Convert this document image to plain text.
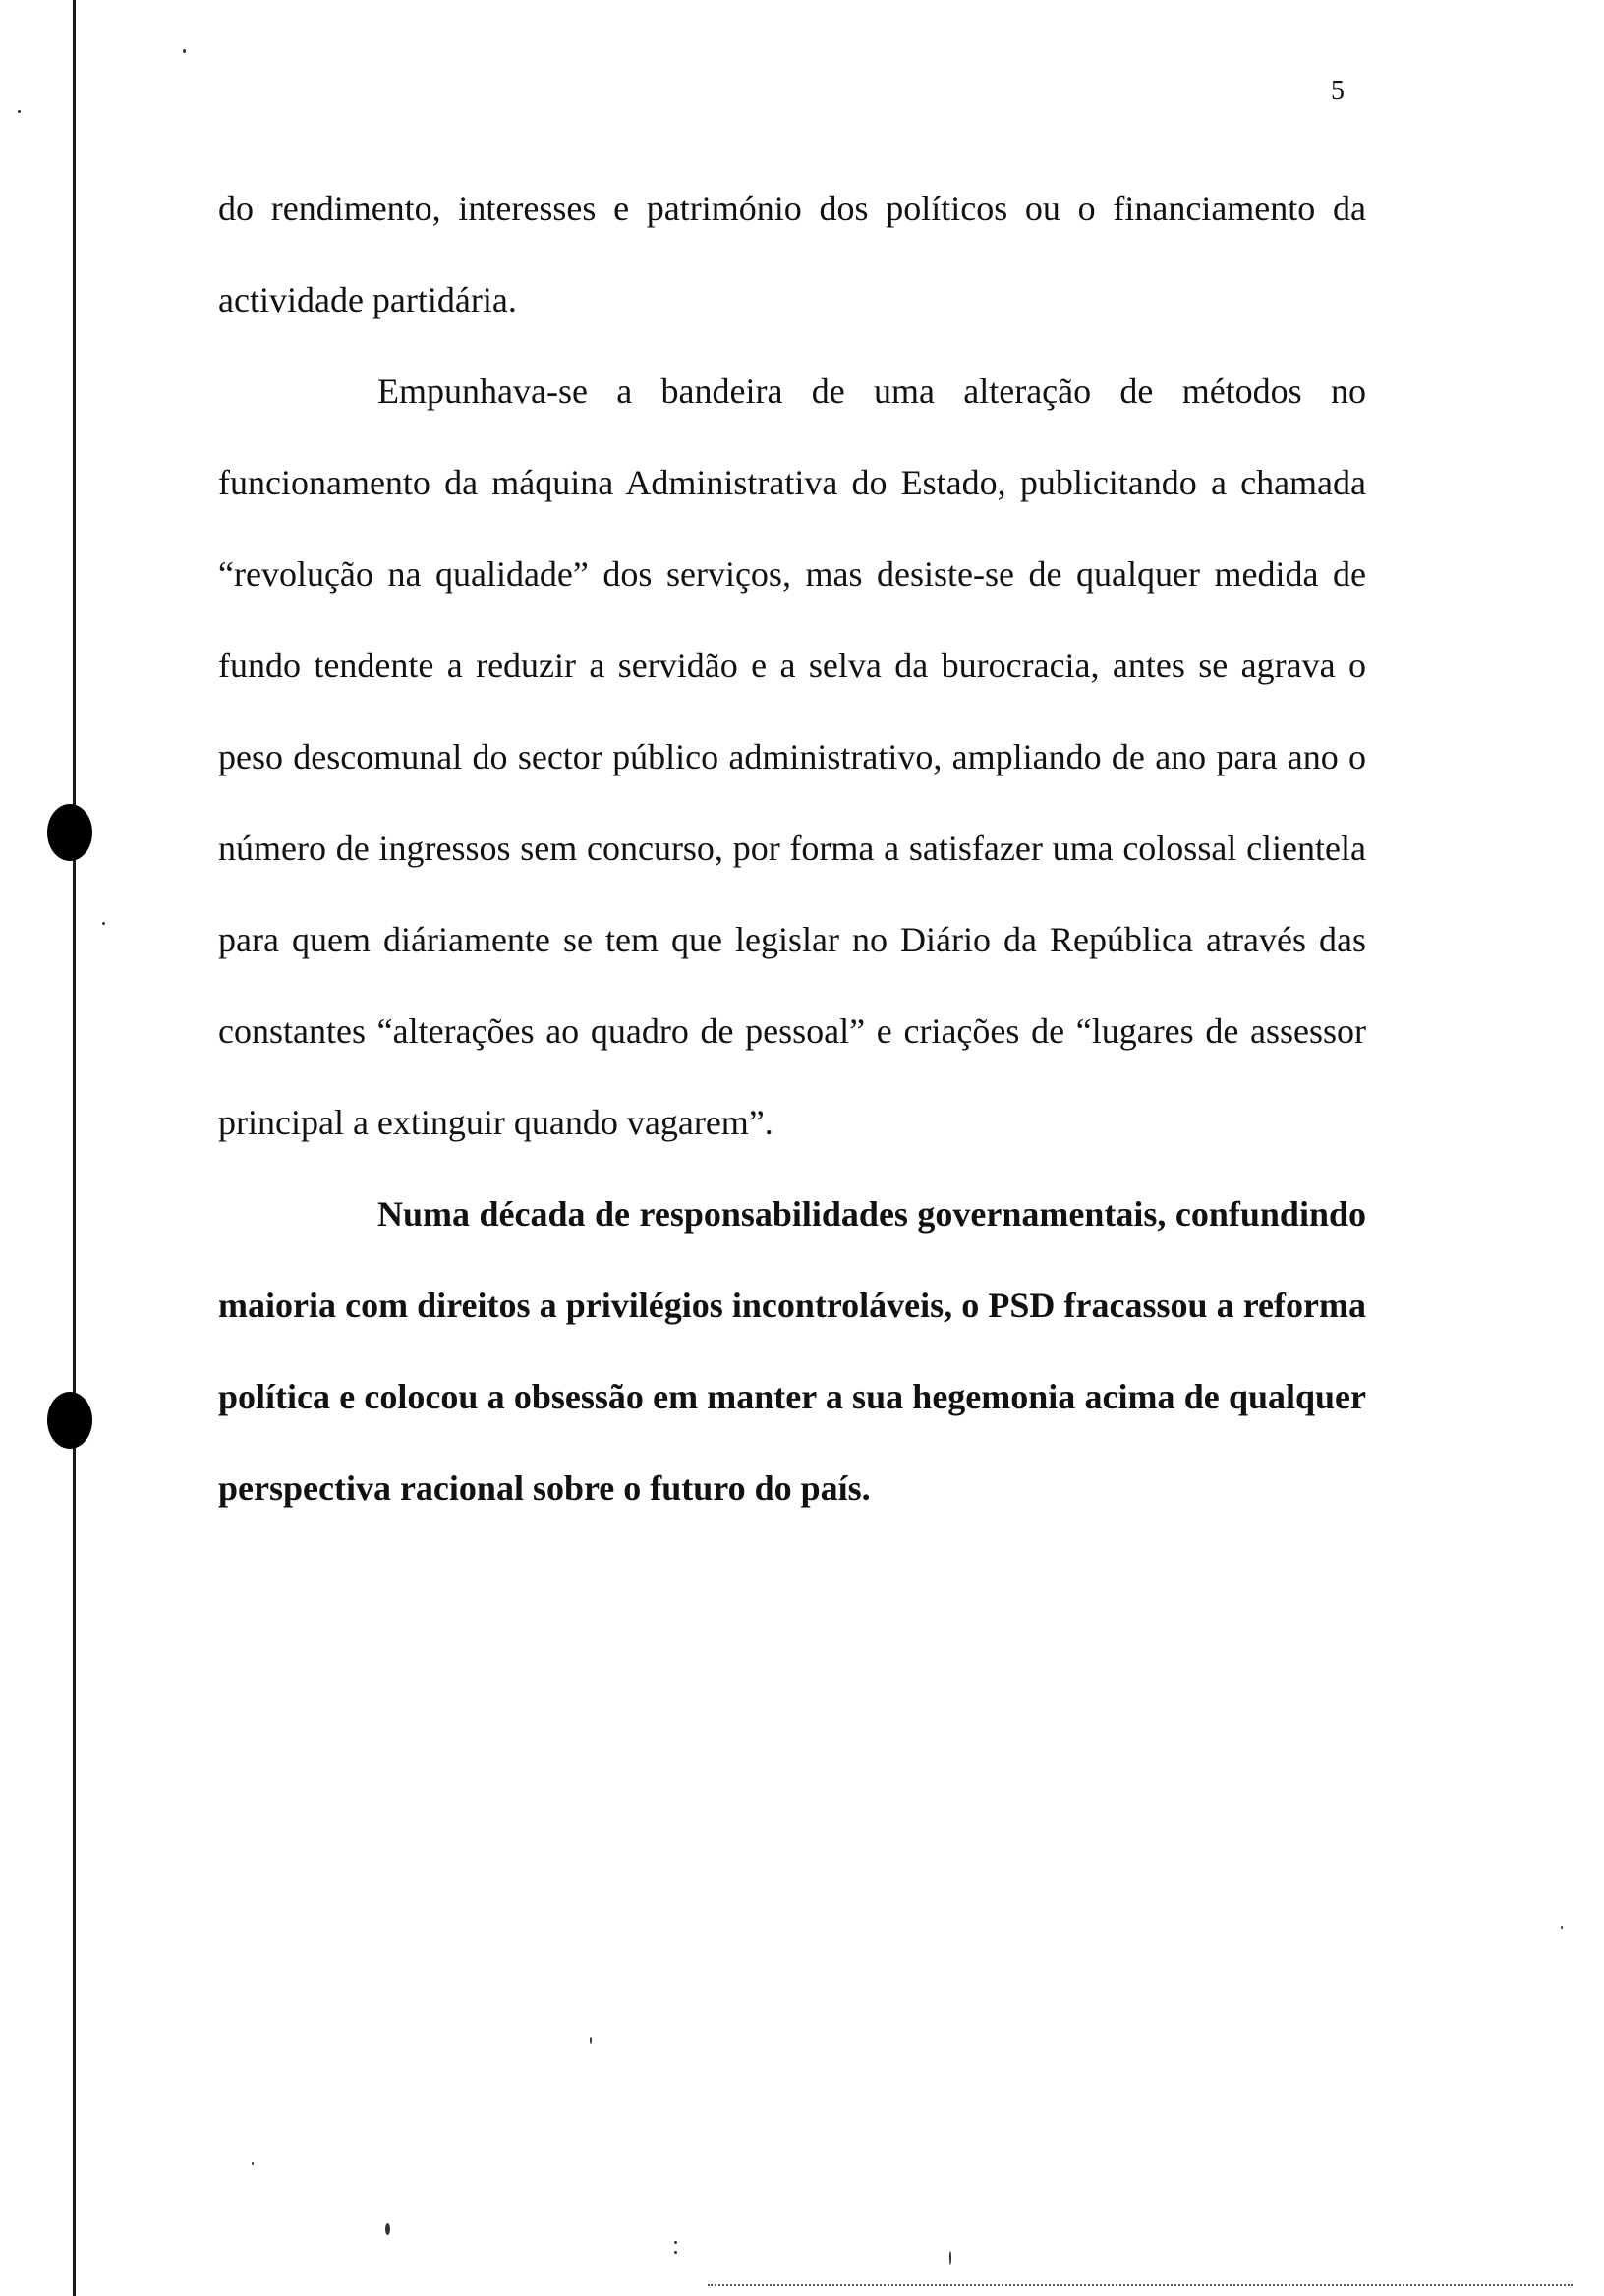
5

do rendimento, interesses e património dos políticos ou o financiamento da actividade partidária.

Empunhava-se a bandeira de uma alteração de métodos no funcionamento da máquina Administrativa do Estado, publicitando a chamada “revolução na qualidade” dos serviços, mas desiste-se de qualquer medida de fundo tendente a reduzir a servidão e a selva da burocracia, antes se agrava o peso descomunal do sector público administrativo, ampliando de ano para ano o número de ingressos sem concurso, por forma a satisfazer uma colossal clientela para quem diáriamente se tem que legislar no Diário da República através das constantes “alterações ao quadro de pessoal” e criações de “lugares de assessor principal a extinguir quando vagarem”.

Numa década de responsabilidades governamentais, confundindo maioria com direitos a privilégios incontroláveis, o PSD fracassou a reforma política e colocou a obsessão em manter a sua hegemonia acima de qualquer perspectiva racional sobre o futuro do país.
